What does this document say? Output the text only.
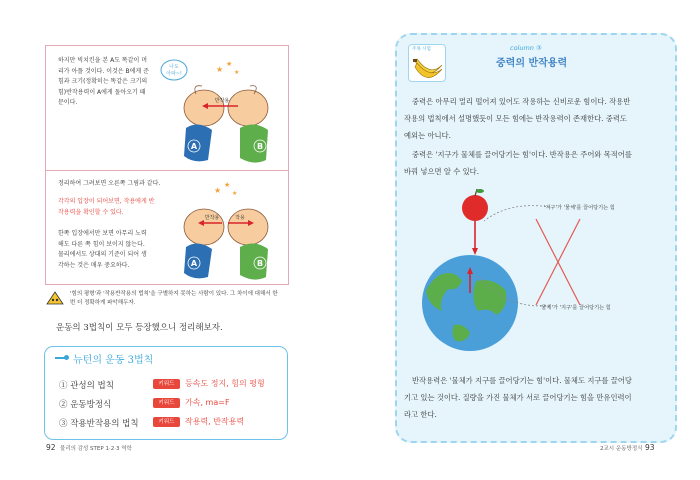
하지만 빅치킨을 본 A도 똑같이 머
리가 아플 것이다. 이것은 B에게 준
힘과 크기(정확히는 똑같은 크기의
힘)반작용력이 A에게 돌아오기 때
문이다.
나도
아파~!	★
★
★
A	B
반작용
정리하여 그려보면 오른쪽 그림과 같다.
각각의 입장이 되어보면, 작용에게 반
작용력을 확인할 수 있다.
한쪽 입장에서만 보면 아무리 노력
해도 다른 쪽 힘이 보이지 않는다.
물리에서도 상대의 기준이 되어 생
각하는 것은 매우 중요하다.
★
★
★
A	B
반작용	작용
'힘의 평형'과 '작용반작용의 법칙'을 구별하지 못하는 사람이 있다. 그 차이에 대해서 한
번 더 정확하게 파악해두자.
운동의 3법칙이 모두 등장했으니 정리해보자.
뉴턴의 운동 3법칙
① 관성의 법칙	키워드	등속도 정지, 힘의 평형
② 운동방정식	키워드	가속, ma=F
③ 작용반작용의 법칙	키워드	작용력, 반작용력
92 물리의 감성 STEP 1·2·3 역학
주목 시험	column ③
중력의 반작용력
중력은 아무리 멀리 떨어져 있어도 작용하는 신비로운 힘이다. 작용반
작용의 법칙에서 설명했듯이 모든 힘에는 반작용력이 존재한다. 중력도
예외는 아니다.
중력은 '지구가 물체를 끌어당기는 힘'이다. 반작용은 주어와 목적어를
바꿔 넣으면 알 수 있다.
'지구'가 '물체'를 끌어당기는 힘
'물체'가 '지구'를 끌어당기는 힘
반작용력은 '물체가 지구를 끌어당기는 힘'이다. 물체도 지구를 끌어당
기고 있는 것이다. 질량을 가진 물체가 서로 끌어당기는 힘을 만유인력이
라고 한다.
2교시 운동방정식 93
